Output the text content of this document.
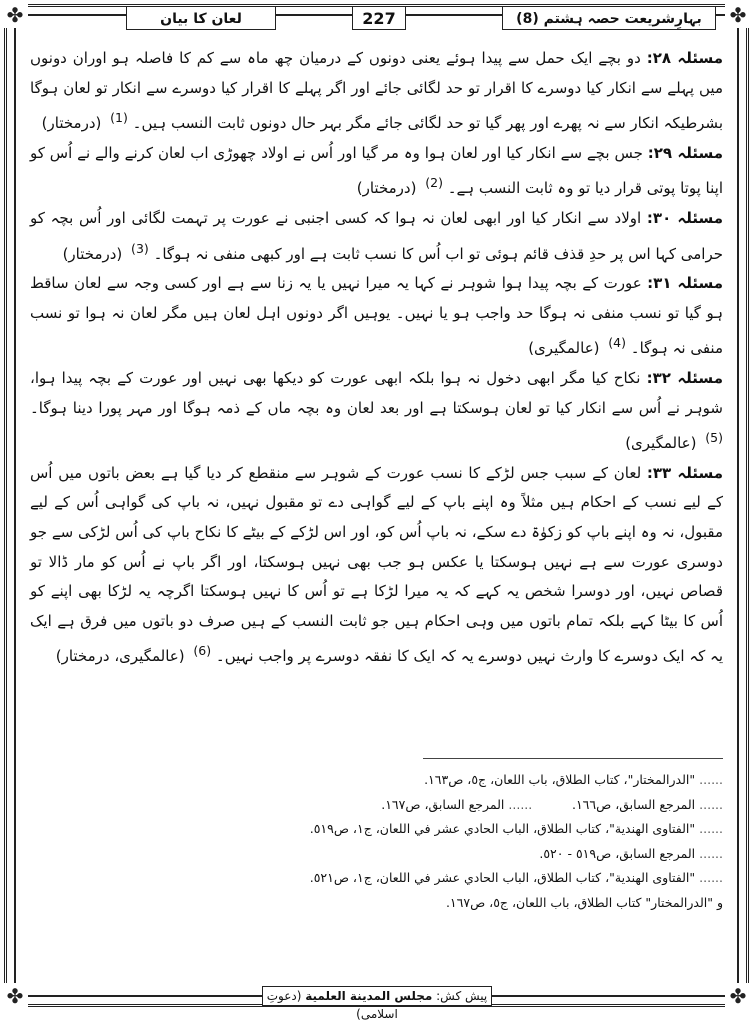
✤	✤
✤	✤
لعان کا بیان	227	بہارِشریعت حصہ ہشتم (8)

مسئلہ ۲۸: دو بچے ایک حمل سے پیدا ہوئے یعنی دونوں کے درمیان چھ ماہ سے کم کا فاصلہ ہو اوران دونوں میں پہلے سے انکار کیا دوسرے کا اقرار تو حد لگائی جائے اور اگر پہلے کا اقرار کیا دوسرے سے انکار تو لعان ہوگا بشرطیکہ انکار سے نہ پھرے اور پھر گیا تو حد لگائی جائے مگر بہر حال دونوں ثابت النسب ہیں۔ $^{(1)}$ (درمختار)

مسئلہ ۲۹: جس بچے سے انکار کیا اور لعان ہوا وہ مر گیا اور اُس نے اولاد چھوڑی اب لعان کرنے والے نے اُس کو اپنا پوتا پوتی قرار دیا تو وہ ثابت النسب ہے۔ $^{(2)}$ (درمختار)

مسئلہ ۳۰: اولاد سے انکار کیا اور ابھی لعان نہ ہوا کہ کسی اجنبی نے عورت پر تہمت لگائی اور اُس بچہ کو حرامی کہا اس پر حدِ قذف قائم ہوئی تو اب اُس کا نسب ثابت ہے اور کبھی منفی نہ ہوگا۔ $^{(3)}$ (درمختار)

مسئلہ ۳۱: عورت کے بچہ پیدا ہوا شوہر نے کہا یہ میرا نہیں یا یہ زنا سے ہے اور کسی وجہ سے لعان ساقط ہو گیا تو نسب منفی نہ ہوگا حد واجب ہو یا نہیں۔ یوہیں اگر دونوں اہل لعان ہیں مگر لعان نہ ہوا تو نسب منفی نہ ہوگا۔ $^{(4)}$ (عالمگیری)

مسئلہ ۳۲: نکاح کیا مگر ابھی دخول نہ ہوا بلکہ ابھی عورت کو دیکھا بھی نہیں اور عورت کے بچہ پیدا ہوا، شوہر نے اُس سے انکار کیا تو لعان ہوسکتا ہے اور بعد لعان وہ بچہ ماں کے ذمہ ہوگا اور مہر پورا دینا ہوگا۔ $^{(5)}$ (عالمگیری)

مسئلہ ۳۳: لعان کے سبب جس لڑکے کا نسب عورت کے شوہر سے منقطع کر دیا گیا ہے بعض باتوں میں اُس کے لیے نسب کے احکام ہیں مثلاً وہ اپنے باپ کے لیے گواہی دے تو مقبول نہیں، نہ باپ کی گواہی اُس کے لیے مقبول، نہ وہ اپنے باپ کو زکوٰۃ دے سکے، نہ باپ اُس کو، اور اس لڑکے کے بیٹے کا نکاح باپ کی اُس لڑکی سے جو دوسری عورت سے ہے نہیں ہوسکتا یا عکس ہو جب بھی نہیں ہوسکتا، اور اگر باپ نے اُس کو مار ڈالا تو قصاص نہیں، اور دوسرا شخص یہ کہے کہ یہ میرا لڑکا ہے تو اُس کا نہیں ہوسکتا اگرچہ یہ لڑکا بھی اپنے کو اُس کا بیٹا کہے بلکہ تمام باتوں میں وہی احکام ہیں جو ثابت النسب کے ہیں صرف دو باتوں میں فرق ہے ایک یہ کہ ایک دوسرے کا وارث نہیں دوسرے یہ کہ ایک کا نفقہ دوسرے پر واجب نہیں۔ $^{(6)}$ (عالمگیری، درمختار)

......"الدرالمختار"، كتاب الطلاق، باب اللعان، ج٥، ص١٦٣.

......المرجع السابق، ص١٦٦.          ......المرجع السابق، ص١٦٧.

......"الفتاوى الهندية"، كتاب الطلاق، الباب الحادي عشر في اللعان، ج١، ص٥١٩.

......المرجع السابق، ص٥١٩ - ٥٢٠.

......"الفتاوى الهندية"، كتاب الطلاق، الباب الحادي عشر في اللعان، ج١، ص٥٢١.

و "الدرالمختار" كتاب الطلاق، باب اللعان، ج٥، ص١٦٧.

پیش کش: مجلس المدينة العلمية (دعوتِ اسلامی)
